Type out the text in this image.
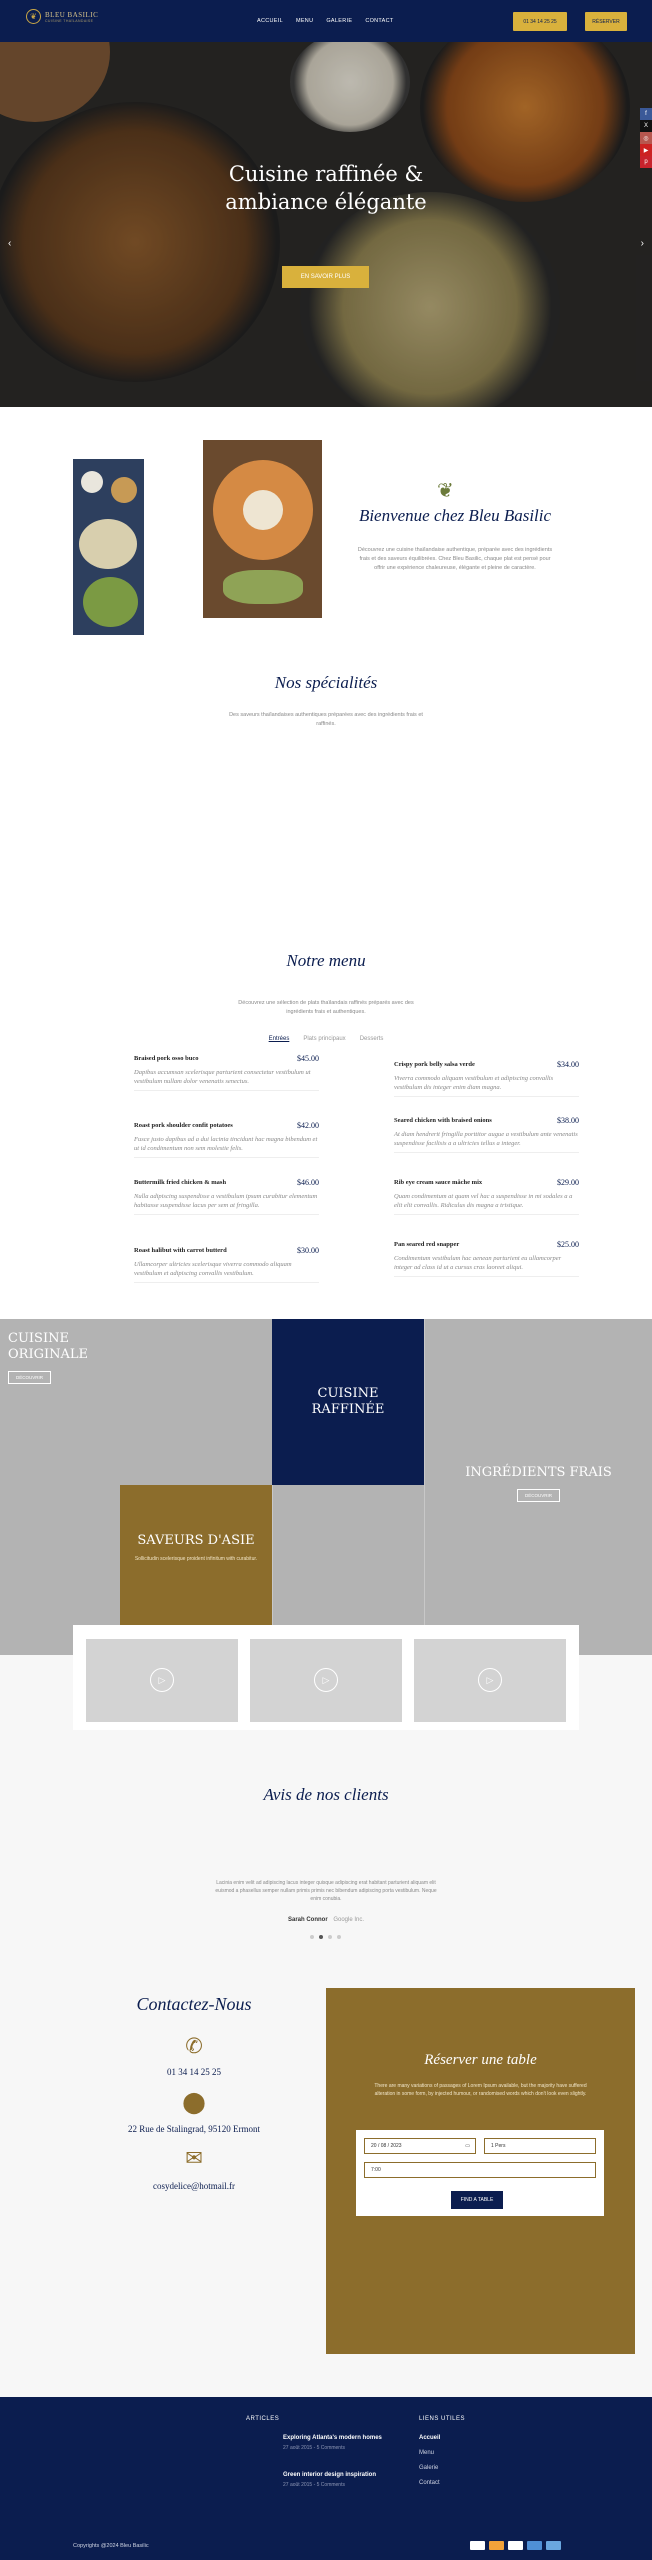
❦	BLEU BASILIC
CUISINE THAÏLANDAISE	ACCUEIL MENU GALERIE CONTACT	01 34 14 25 25	RÉSERVER
Cuisine raffinée &
ambiance élégante
EN SAVOIR PLUS
‹	›
f
X
◎
▶
p
❦
Bienvenue chez Bleu Basilic
Découvrez une cuisine thaïlandaise authentique, préparée avec des ingrédients frais et des saveurs équilibrées. Chez Bleu Basilic, chaque plat est pensé pour offrir une expérience chaleureuse, élégante et pleine de caractère.
Nos spécialités
Des saveurs thaïlandaises authentiques préparées avec des ingrédients frais et raffinés.
Notre menu
Découvrez une sélection de plats thaïlandais raffinés préparés avec des ingrédients frais et authentiques.
Entrées Plats principaux Desserts
Braised pork osso buco	$45.00
Dapibus accumsan scelerisque parturient consectetur vestibulum ut vestibulum nullam dolor venenatis senectus.
Roast pork shoulder confit potatoes	$42.00
Fusce justo dapibus ad a dui lacinia tincidunt hac magna bibendum et ut id condimentum non sem molestie felis.
Buttermilk fried chicken & mash	$46.00
Nulla adipiscing suspendisse a vestibulum ipsum curabitur elementum habitasse suspendisse lacus per sem at fringilla.
Roast halibut with carrot butterd	$30.00
Ullamcorper ultricies scelerisque viverra commodo aliquam vestibulum et adipiscing convallis vestibulum.
Crispy pork belly salsa verde	$34.00
Viverra commodo aliquam vestibulum et adipiscing convallis vestibulum dis integer enim diam magna.
Seared chicken with braised onions	$38.00
At diam hendrerit fringilla porttitor augue a vestibulum ante venenatis suspendisse facilisis a a ultricies tellus a integer.
Rib eye cream sauce mâche mix	$29.00
Quam condimentum at quam vel hac a suspendisse in mi sodales a a elit elit convallis. Ridiculus dis magna a tristique.
Pan seared red snapper	$25.00
Condimentum vestibulum hac aenean parturient eu ullamcorper integer ad class id ut a cursus cras laoreet aliqui.
CUISINE ORIGINALE
DÉCOUVRIR
CUISINE RAFFINÉE
INGRÉDIENTS FRAIS
DÉCOUVRIR
SAVEURS D'ASIE
Sollicitudin scelerisque proident infinitum with curabitur.
▷	▷	▷
Avis de nos clients
Lacinia enim velit ad adipiscing lacus integer quisque adipiscing erat habitant parturient aliquam elit euismod a phasellus semper nullam primis primis nec bibendum adipiscing porta vestibulum. Neque enim conubia.
Sarah Connor Google Inc.
Contactez-Nous
✆
01 34 14 25 25
⬤
22 Rue de Stalingrad, 95120 Ermont
✉
cosydelice@hotmail.fr
Réserver une table
There are many variations of passages of Lorem Ipsum available, but the majority have suffered alteration in some form, by injected humour, or randomised words which don't look even slightly.
20 / 08 / 2023	▭	1 Pers
7:00
FIND A TABLE
ARTICLES
Exploring Atlanta's modern homes
27 août 2015 - 5 Comments
Green interior design inspiration
27 août 2015 - 5 Comments
LIENS UTILES
Accueil
Menu
Galerie
Contact
Copyrights @2024 Bleu Basilic
